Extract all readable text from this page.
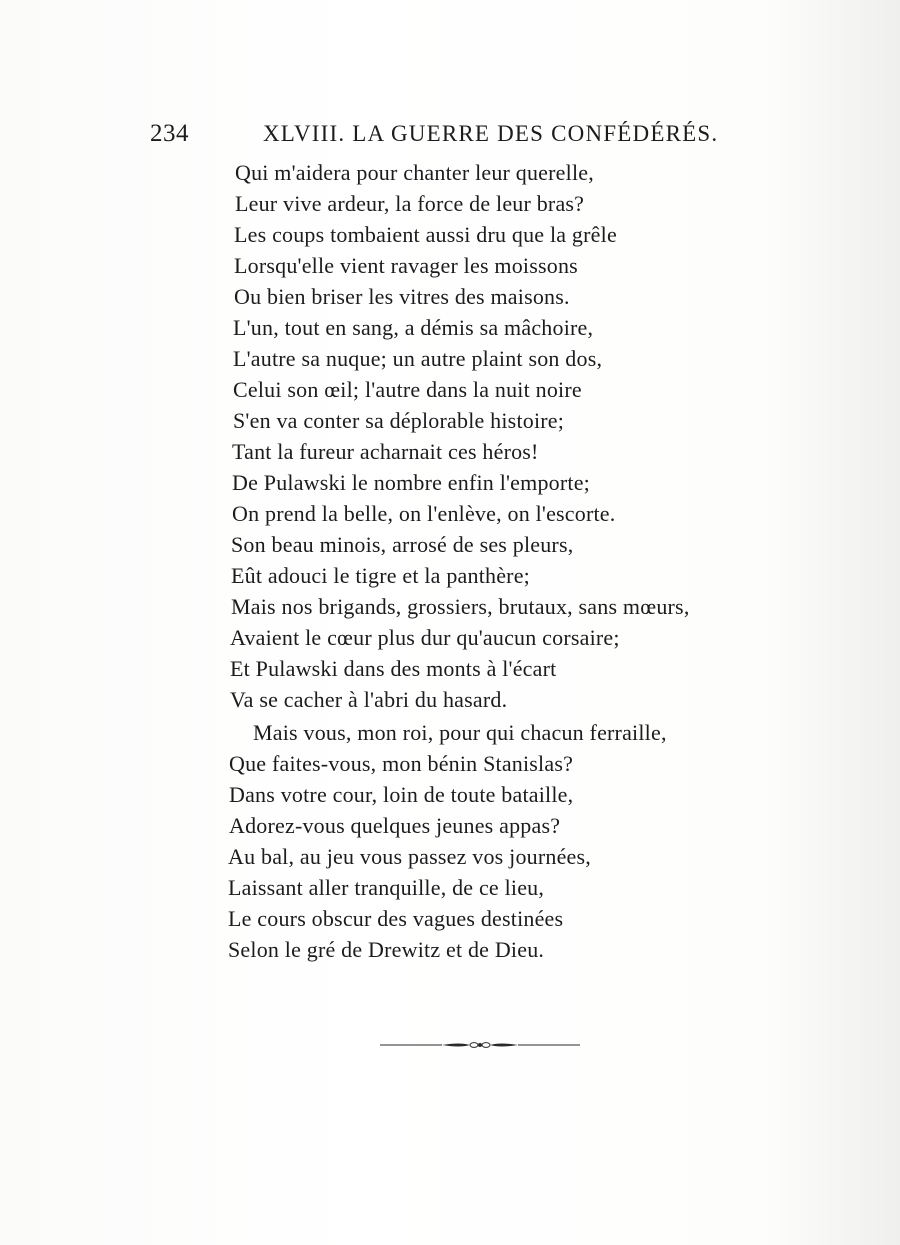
234	XLVIII. LA GUERRE DES CONFÉDÉRÉS.
Qui m'aidera pour chanter leur querelle,
Leur vive ardeur, la force de leur bras?
Les coups tombaient aussi dru que la grêle
Lorsqu'elle vient ravager les moissons
Ou bien briser les vitres des maisons.
L'un, tout en sang, a démis sa mâchoire,
L'autre sa nuque; un autre plaint son dos,
Celui son œil; l'autre dans la nuit noire
S'en va conter sa déplorable histoire;
Tant la fureur acharnait ces héros!
De Pulawski le nombre enfin l'emporte;
On prend la belle, on l'enlève, on l'escorte.
Son beau minois, arrosé de ses pleurs,
Eût adouci le tigre et la panthère;
Mais nos brigands, grossiers, brutaux, sans mœurs,
Avaient le cœur plus dur qu'aucun corsaire;
Et Pulawski dans des monts à l'écart
Va se cacher à l'abri du hasard.
Mais vous, mon roi, pour qui chacun ferraille,
Que faites-vous, mon bénin Stanislas?
Dans votre cour, loin de toute bataille,
Adorez-vous quelques jeunes appas?
Au bal, au jeu vous passez vos journées,
Laissant aller tranquille, de ce lieu,
Le cours obscur des vagues destinées
Selon le gré de Drewitz et de Dieu.
